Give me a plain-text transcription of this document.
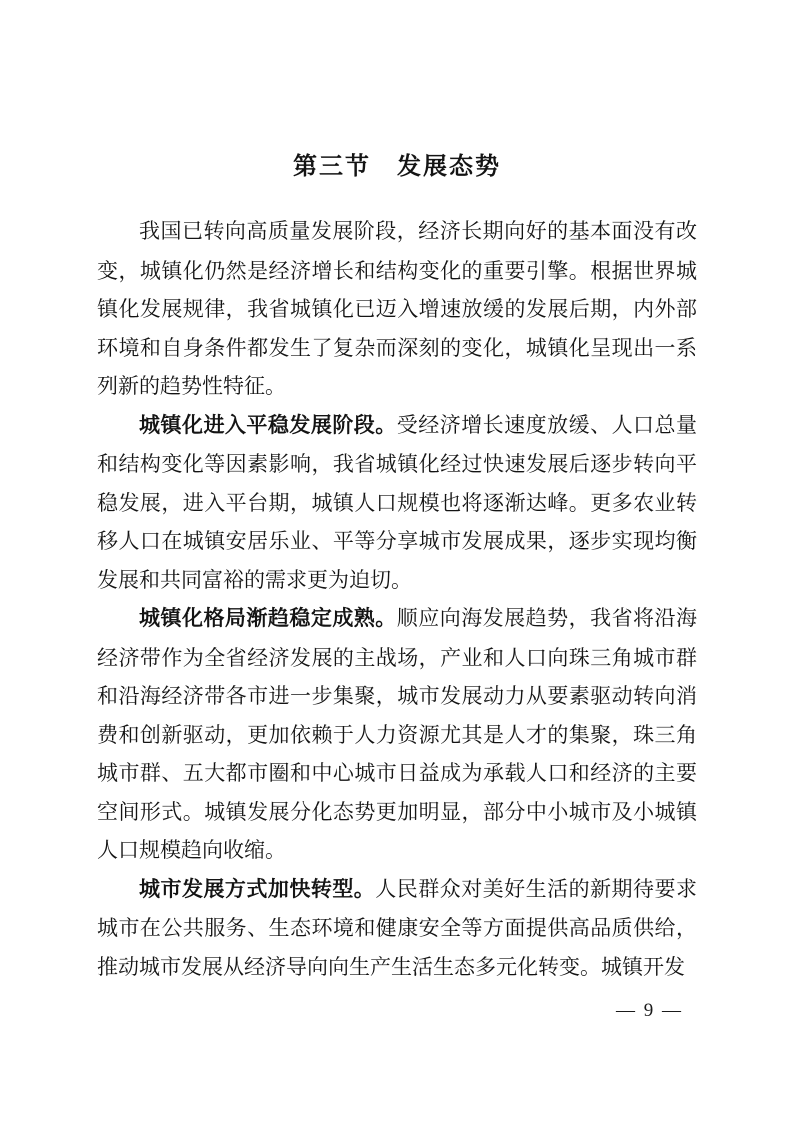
第三节　发展态势

我国已转向高质量发展阶段，经济长期向好的基本面没有改变，城镇化仍然是经济增长和结构变化的重要引擎。根据世界城镇化发展规律，我省城镇化已迈入增速放缓的发展后期，内外部环境和自身条件都发生了复杂而深刻的变化，城镇化呈现出一系列新的趋势性特征。

城镇化进入平稳发展阶段。受经济增长速度放缓、人口总量和结构变化等因素影响，我省城镇化经过快速发展后逐步转向平稳发展，进入平台期，城镇人口规模也将逐渐达峰。更多农业转移人口在城镇安居乐业、平等分享城市发展成果，逐步实现均衡发展和共同富裕的需求更为迫切。

城镇化格局渐趋稳定成熟。顺应向海发展趋势，我省将沿海经济带作为全省经济发展的主战场，产业和人口向珠三角城市群和沿海经济带各市进一步集聚，城市发展动力从要素驱动转向消费和创新驱动，更加依赖于人力资源尤其是人才的集聚，珠三角城市群、五大都市圈和中心城市日益成为承载人口和经济的主要空间形式。城镇发展分化态势更加明显，部分中小城市及小城镇人口规模趋向收缩。

城市发展方式加快转型。人民群众对美好生活的新期待要求城市在公共服务、生态环境和健康安全等方面提供高品质供给，推动城市发展从经济导向向生产生活生态多元化转变。城镇开发

— 9 —
